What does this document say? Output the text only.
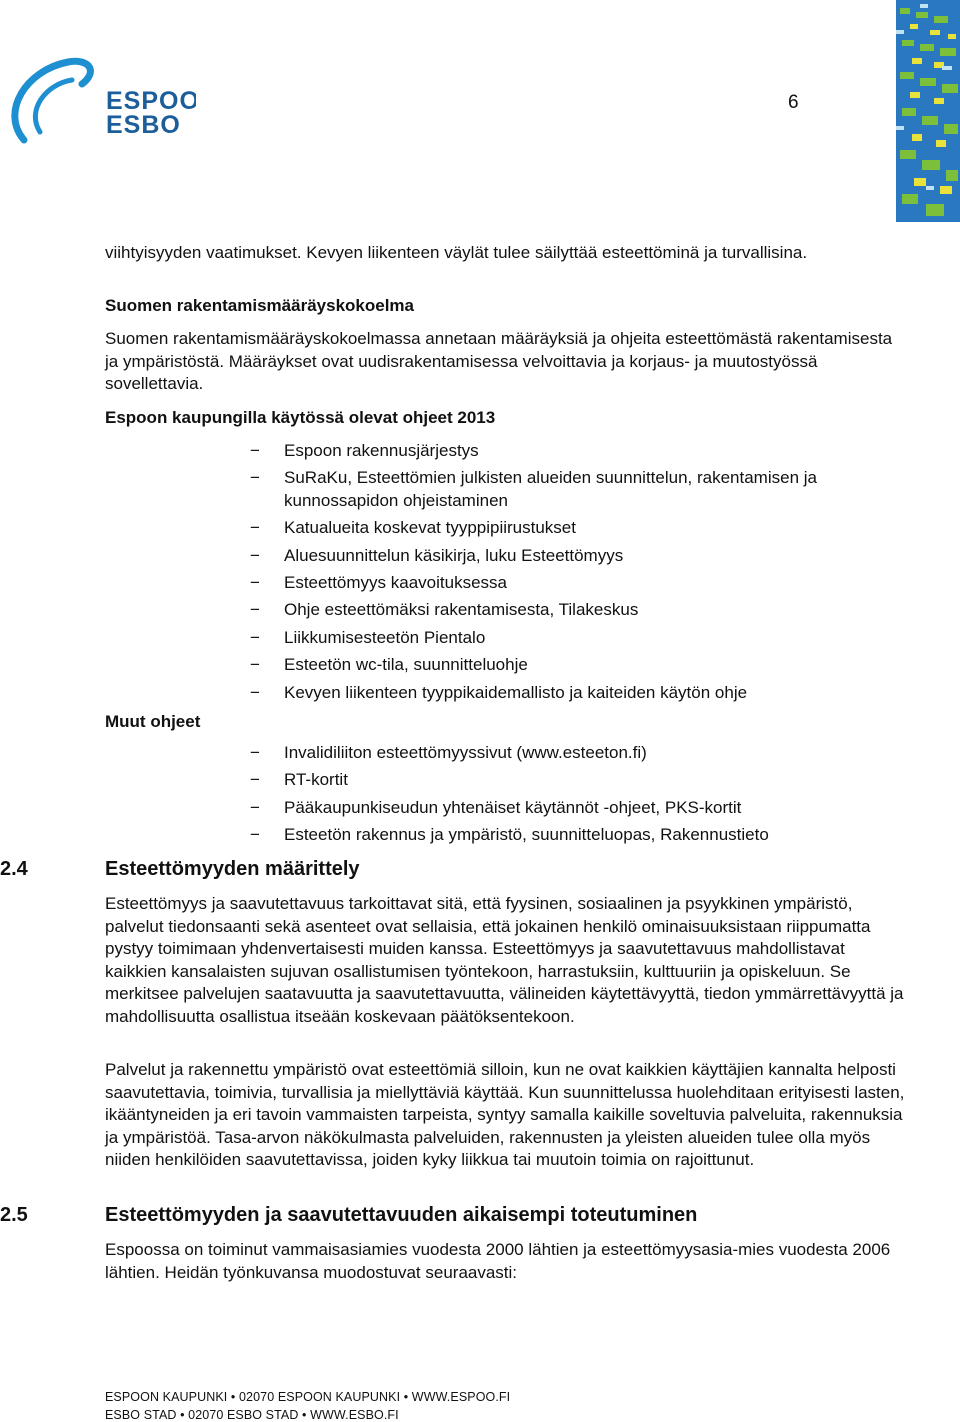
ESPOO
ESBO
6

viihtyisyyden vaatimukset. Kevyen liikenteen väylät tulee säilyttää esteettöminä ja turvallisina.

Suomen rakentamismääräyskokoelma

Suomen rakentamismääräyskokoelmassa annetaan määräyksiä ja ohjeita esteettömästä rakentamisesta ja ympäristöstä. Määräykset ovat uudisrakentamisessa velvoittavia ja korjaus- ja muutostyössä sovellettavia.

Espoon kaupungilla käytössä olevat ohjeet 2013

− Espoon rakennusjärjestys
− SuRaKu, Esteettömien julkisten alueiden suunnittelun, rakentamisen ja kunnossapidon ohjeistaminen
− Katualueita koskevat tyyppipiirustukset
− Aluesuunnittelun käsikirja, luku Esteettömyys
− Esteettömyys kaavoituksessa
− Ohje esteettömäksi rakentamisesta, Tilakeskus
− Liikkumisesteetön Pientalo
− Esteetön wc-tila, suunnitteluohje
− Kevyen liikenteen tyyppikaidemallisto ja kaiteiden käytön ohje

Muut ohjeet

− Invalidiliiton esteettömyyssivut (www.esteeton.fi)
− RT-kortit
− Pääkaupunkiseudun yhtenäiset käytännöt -ohjeet, PKS-kortit
− Esteetön rakennus ja ympäristö, suunnitteluopas, Rakennustieto
2.4	Esteettömyyden määrittely

Esteettömyys ja saavutettavuus tarkoittavat sitä, että fyysinen, sosiaalinen ja psyykkinen ympäristö, palvelut tiedonsaanti sekä asenteet ovat sellaisia, että jokainen henkilö ominaisuuksistaan riippumatta pystyy toimimaan yhdenvertaisesti muiden kanssa. Esteettömyys ja saavutettavuus mahdollistavat kaikkien kansalaisten sujuvan osallistumisen työntekoon, harrastuksiin, kulttuuriin ja opiskeluun. Se merkitsee palvelujen saatavuutta ja saavutettavuutta, välineiden käytettävyyttä, tiedon ymmärrettävyyttä ja mahdollisuutta osallistua itseään koskevaan päätöksentekoon.

Palvelut ja rakennettu ympäristö ovat esteettömiä silloin, kun ne ovat kaikkien käyttäjien kannalta helposti saavutettavia, toimivia, turvallisia ja miellyttäviä käyttää. Kun suunnittelussa huolehditaan erityisesti lasten, ikääntyneiden ja eri tavoin vammaisten tarpeista, syntyy samalla kaikille soveltuvia palveluita, rakennuksia ja ympäristöä. Tasa-arvon näkökulmasta palveluiden, rakennusten ja yleisten alueiden tulee olla myös niiden henkilöiden saavutettavissa, joiden kyky liikkua tai muutoin toimia on rajoittunut.

2.5	Esteettömyyden ja saavutettavuuden aikaisempi toteutuminen

Espoossa on toiminut vammaisasiamies vuodesta 2000 lähtien ja esteettömyysasia-mies vuodesta 2006 lähtien. Heidän työnkuvansa muodostuvat seuraavasti:

ESPOON KAUPUNKI • 02070 ESPOON KAUPUNKI • WWW.ESPOO.FI
ESBO STAD • 02070 ESBO STAD • WWW.ESBO.FI
